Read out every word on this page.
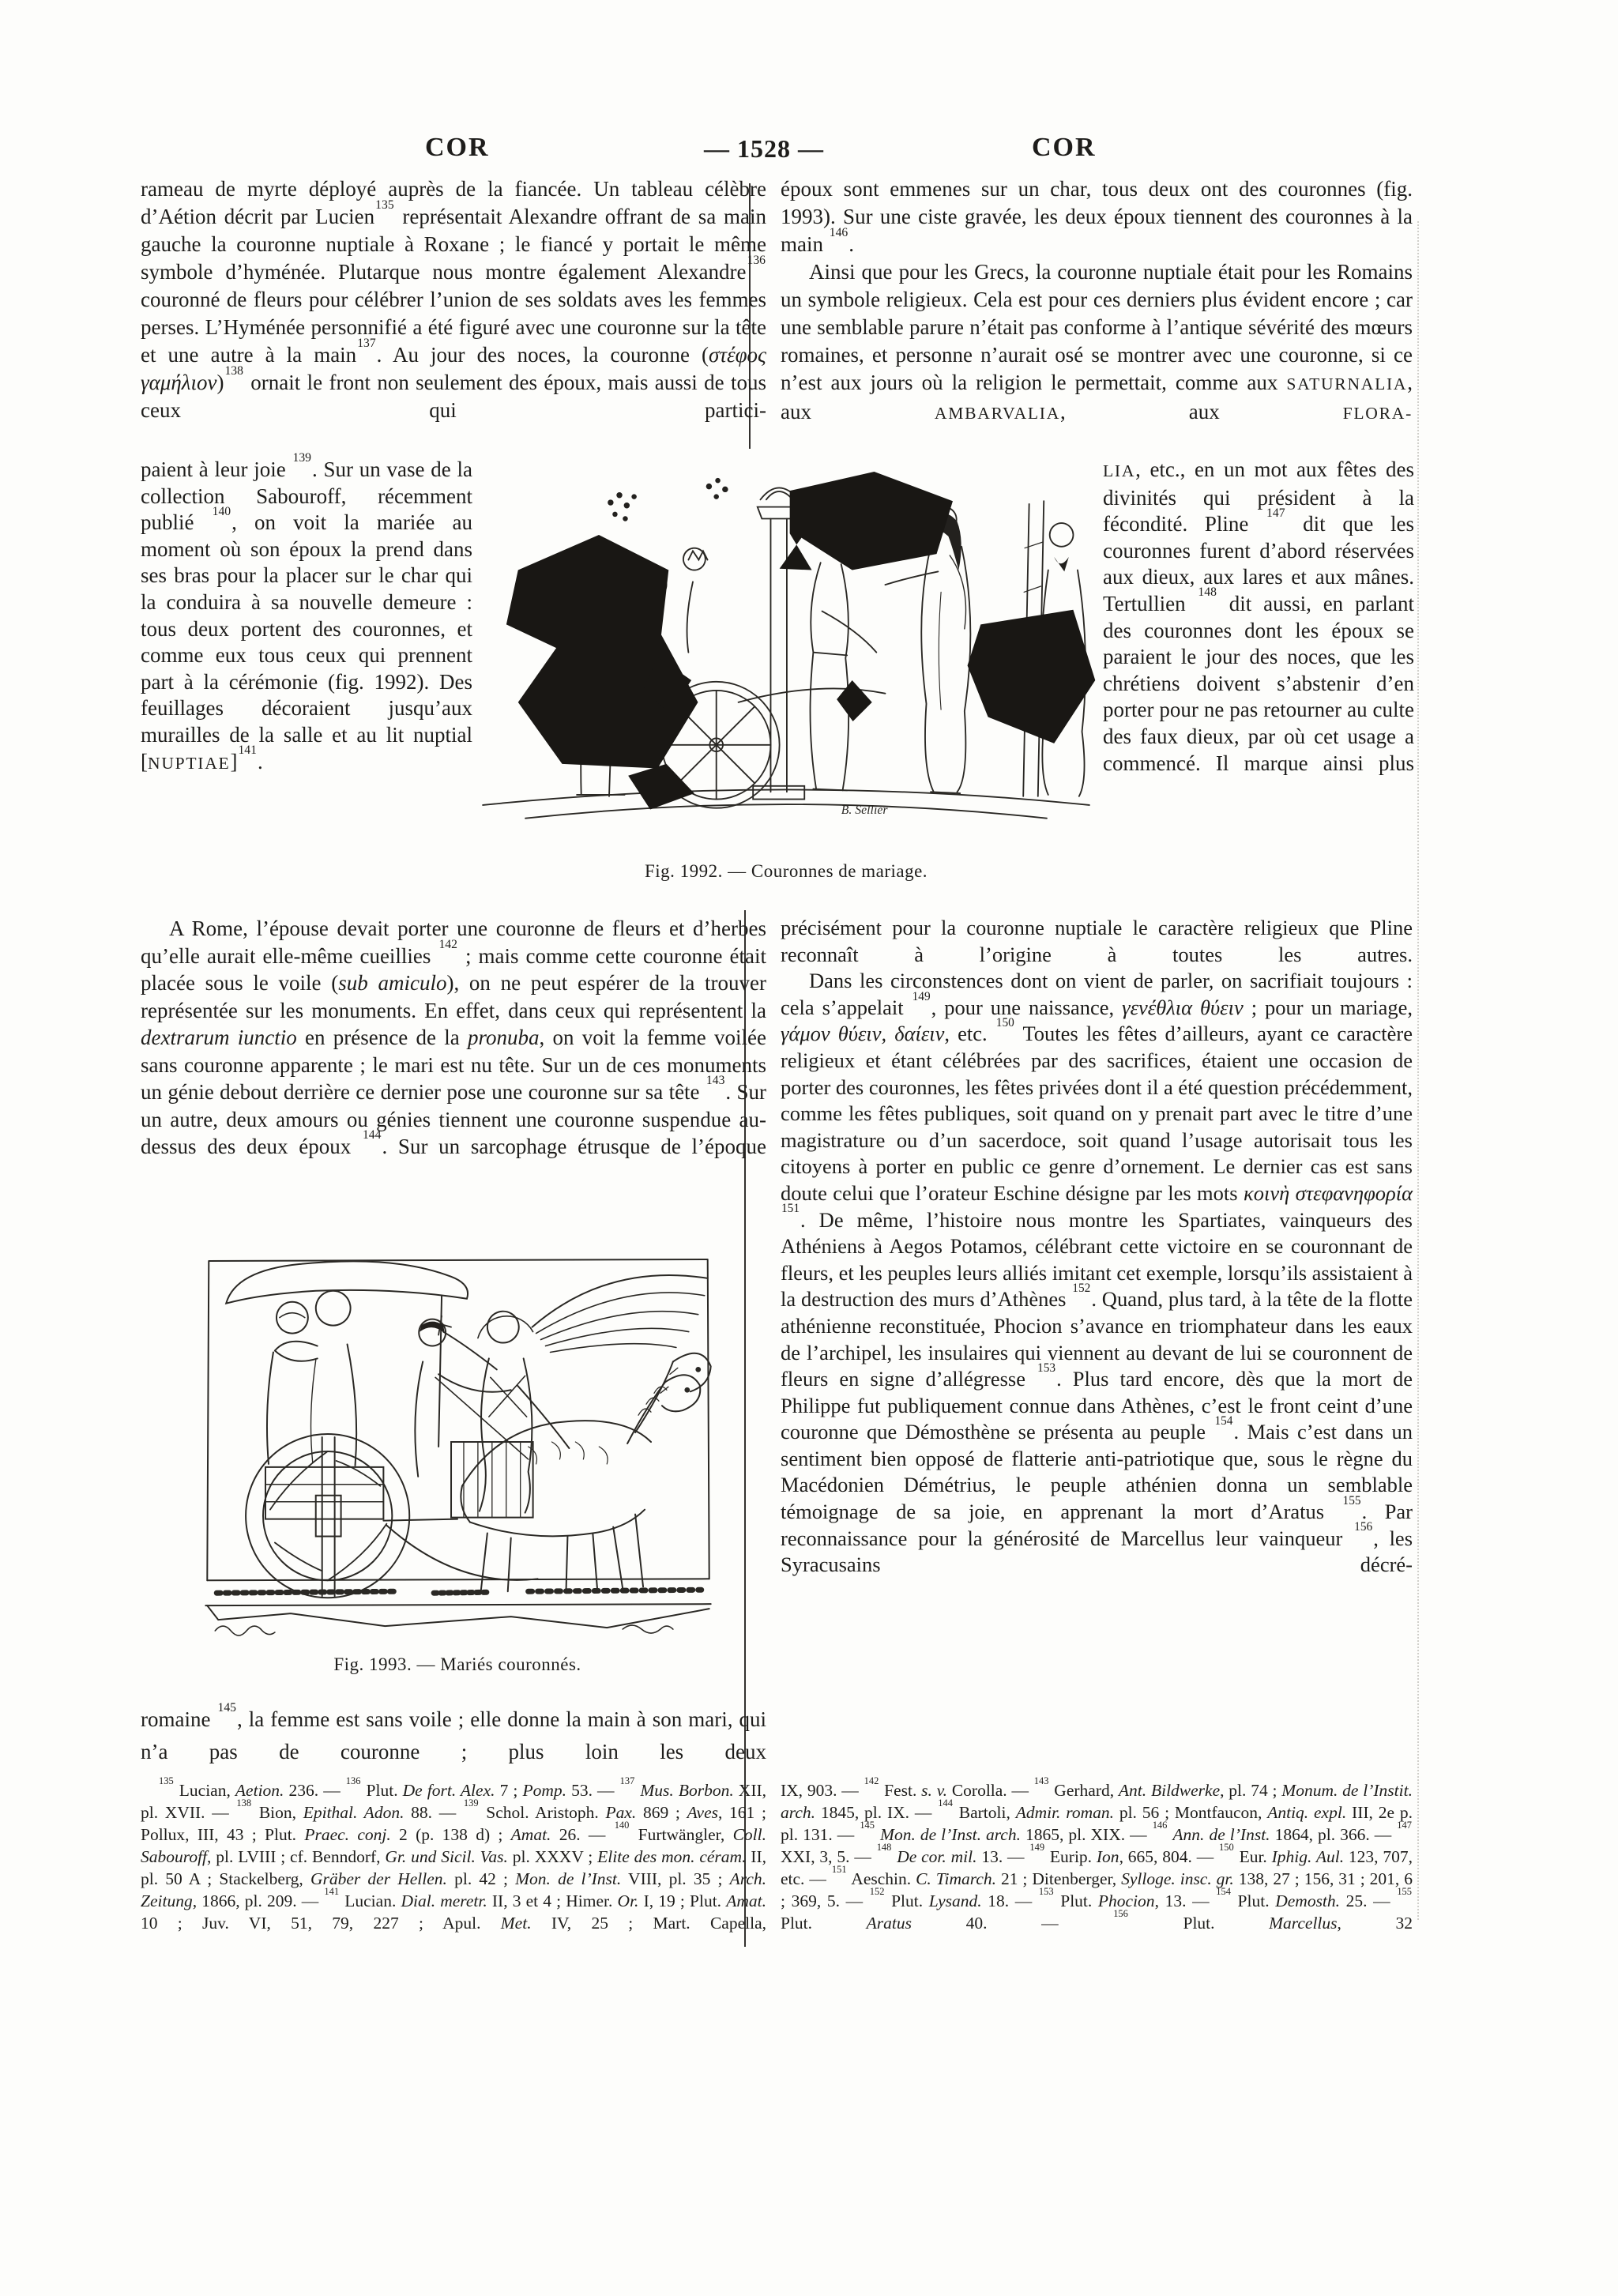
COR	— 1528 —	COR

rameau de myrte déployé auprès de la fiancée. Un tableau célèbre d’Aétion décrit par Lucien$^{135}$ représentait Alexandre offrant de sa main gauche la couronne nuptiale à Roxane ; le fiancé y portait le même symbole d’hyménée. Plutarque nous montre également Alexandre$^{136}$ couronné de fleurs pour célébrer l’union de ses soldats aves les femmes perses. L’Hyménée personnifié a été figuré avec une couronne sur la tête et une autre à la main$^{137}$. Au jour des noces, la couronne (στέφος γαμήλιον)$^{138}$ ornait le front non seulement des époux, mais aussi de tous ceux qui partici-

époux sont emmenes sur un char, tous deux ont des couronnes (fig. 1993). Sur une ciste gravée, les deux époux tiennent des couronnes à la main $^{146}$.

Ainsi que pour les Grecs, la couronne nuptiale était pour les Romains un symbole religieux. Cela est pour ces derniers plus évident encore ; car une semblable parure n’était pas conforme à l’antique sévérité des mœurs romaines, et personne n’aurait osé se montrer avec une couronne, si ce n’est aux jours où la religion le permettait, comme aux SATURNALIA, aux AMBARVALIA, aux FLORA-

paient à leur joie $^{139}$. Sur un vase de la collection Sabouroff, récemment publié $^{140}$, on voit la mariée au moment où son époux la prend dans ses bras pour la placer sur le char qui la conduira à sa nouvelle demeure : tous deux portent des couronnes, et comme eux tous ceux qui prennent part à la cérémonie (fig. 1992). Des feuillages décoraient jusqu’aux murailles de la salle et au lit nuptial [NUPTIAE]$^{141}$.

LIA, etc., en un mot aux fêtes des divinités qui président à la fécondité. Pline $^{147}$ dit que les couronnes furent d’abord réservées aux dieux, aux lares et aux mânes. Tertullien $^{148}$ dit aussi, en parlant des couronnes dont les époux se paraient le jour des noces, que les chrétiens doivent s’abstenir d’en porter pour ne pas retourner au culte des faux dieux, par où cet usage a commencé. Il marque ainsi plus

B. Sellier
Fig. 1992. — Couronnes de mariage.

A Rome, l’épouse devait porter une couronne de fleurs et d’herbes qu’elle aurait elle-même cueillies $^{142}$ ; mais comme cette couronne était placée sous le voile (sub amiculo), on ne peut espérer de la trouver représentée sur les monuments. En effet, dans ceux qui représentent la dextrarum iunctio en présence de la pronuba, on voit la femme voilée sans couronne apparente ; le mari est nu tête. Sur un de ces monuments un génie debout derrière ce dernier pose une couronne sur sa tête $^{143}$. Sur un autre, deux amours ou génies tiennent une couronne suspendue au-dessus des deux époux $^{144}$. Sur un sarcophage étrusque de l’époque

précisément pour la couronne nuptiale le caractère religieux que Pline reconnaît à l’origine à toutes les autres.

Dans les circonstences dont on vient de parler, on sacrifiait toujours : cela s’appelait $^{149}$, pour une naissance, γενέθλια θύειν ; pour un mariage, γάμον θύειν, δαίειν, etc. $^{150}$ Toutes les fêtes d’ailleurs, ayant ce caractère religieux et étant célébrées par des sacrifices, étaient une occasion de porter des couronnes, les fêtes privées dont il a été question précédemment, comme les fêtes publiques, soit quand on y prenait part avec le titre d’une magistrature ou d’un sacerdoce, soit quand l’usage autorisait tous les citoyens à porter en public ce genre d’ornement. Le dernier cas est sans doute celui que l’orateur Eschine désigne par les mots κοινὴ στεφανηφορία $^{151}$. De même, l’histoire nous montre les Spartiates, vainqueurs des Athéniens à Aegos Potamos, célébrant cette victoire en se couronnant de fleurs, et les peuples leurs alliés imitant cet exemple, lorsqu’ils assistaient à la destruction des murs d’Athènes $^{152}$. Quand, plus tard, à la tête de la flotte athénienne reconstituée, Phocion s’avance en triomphateur dans les eaux de l’archipel, les insulaires qui viennent au devant de lui se couronnent de fleurs en signe d’allégresse $^{153}$. Plus tard encore, dès que la mort de Philippe fut publiquement connue dans Athènes, c’est le front ceint d’une couronne que Démosthène se présenta au peuple $^{154}$. Mais c’est dans un sentiment bien opposé de flatterie anti-patriotique que, sous le règne du Macédonien Démétrius, le peuple athénien donna un semblable témoignage de sa joie, en apprenant la mort d’Aratus $^{155}$. Par reconnaissance pour la générosité de Marcellus leur vainqueur $^{156}$, les Syracusains décré-

Fig. 1993. — Mariés couronnés.

romaine $^{145}$, la femme est sans voile ; elle donne la main à son mari, qui n’a pas de couronne ; plus loin les deux

$^{135}$ Lucian, Aetion. 236. — $^{136}$ Plut. De fort. Alex. 7 ; Pomp. 53. — $^{137}$ Mus. Borbon. XII, pl. XVII. — $^{138}$ Bion, Epithal. Adon. 88. — $^{139}$ Schol. Aristoph. Pax. 869 ; Aves, 161 ; Pollux, III, 43 ; Plut. Praec. conj. 2 (p. 138 d) ; Amat. 26. — $^{140}$ Furtwängler, Coll. Sabouroff, pl. LVIII ; cf. Benndorf, Gr. und Sicil. Vas. pl. XXXV ; Elite des mon. céram. II, pl. 50 A ; Stackelberg, Gräber der Hellen. pl. 42 ; Mon. de l’Inst. VIII, pl. 35 ; Arch. Zeitung, 1866, pl. 209. — $^{141}$ Lucian. Dial. meretr. II, 3 et 4 ; Himer. Or. I, 19 ; Plut. Amat. 10 ; Juv. VI, 51, 79, 227 ; Apul. Met. IV, 25 ; Mart. Capella,

IX, 903. — $^{142}$ Fest. s. v. Corolla. — $^{143}$ Gerhard, Ant. Bildwerke, pl. 74 ; Monum. de l’Instit. arch. 1845, pl. IX. — $^{144}$ Bartoli, Admir. roman. pl. 56 ; Montfaucon, Antiq. expl. III, 2e p. pl. 131. — $^{145}$ Mon. de l’Inst. arch. 1865, pl. XIX. — $^{146}$ Ann. de l’Inst. 1864, pl. 366. — $^{147}$ XXI, 3, 5. — $^{148}$ De cor. mil. 13. — $^{149}$ Eurip. Ion, 665, 804. — $^{150}$ Eur. Iphig. Aul. 123, 707, etc. — $^{151}$ Aeschin. C. Timarch. 21 ; Ditenberger, Sylloge. insc. gr. 138, 27 ; 156, 31 ; 201, 6 ; 369, 5. — $^{152}$ Plut. Lysand. 18. — $^{153}$ Plut. Phocion, 13. — $^{154}$ Plut. Demosth. 25. — $^{155}$ Plut. Aratus 40. — $^{156}$ Plut. Marcellus, 32
